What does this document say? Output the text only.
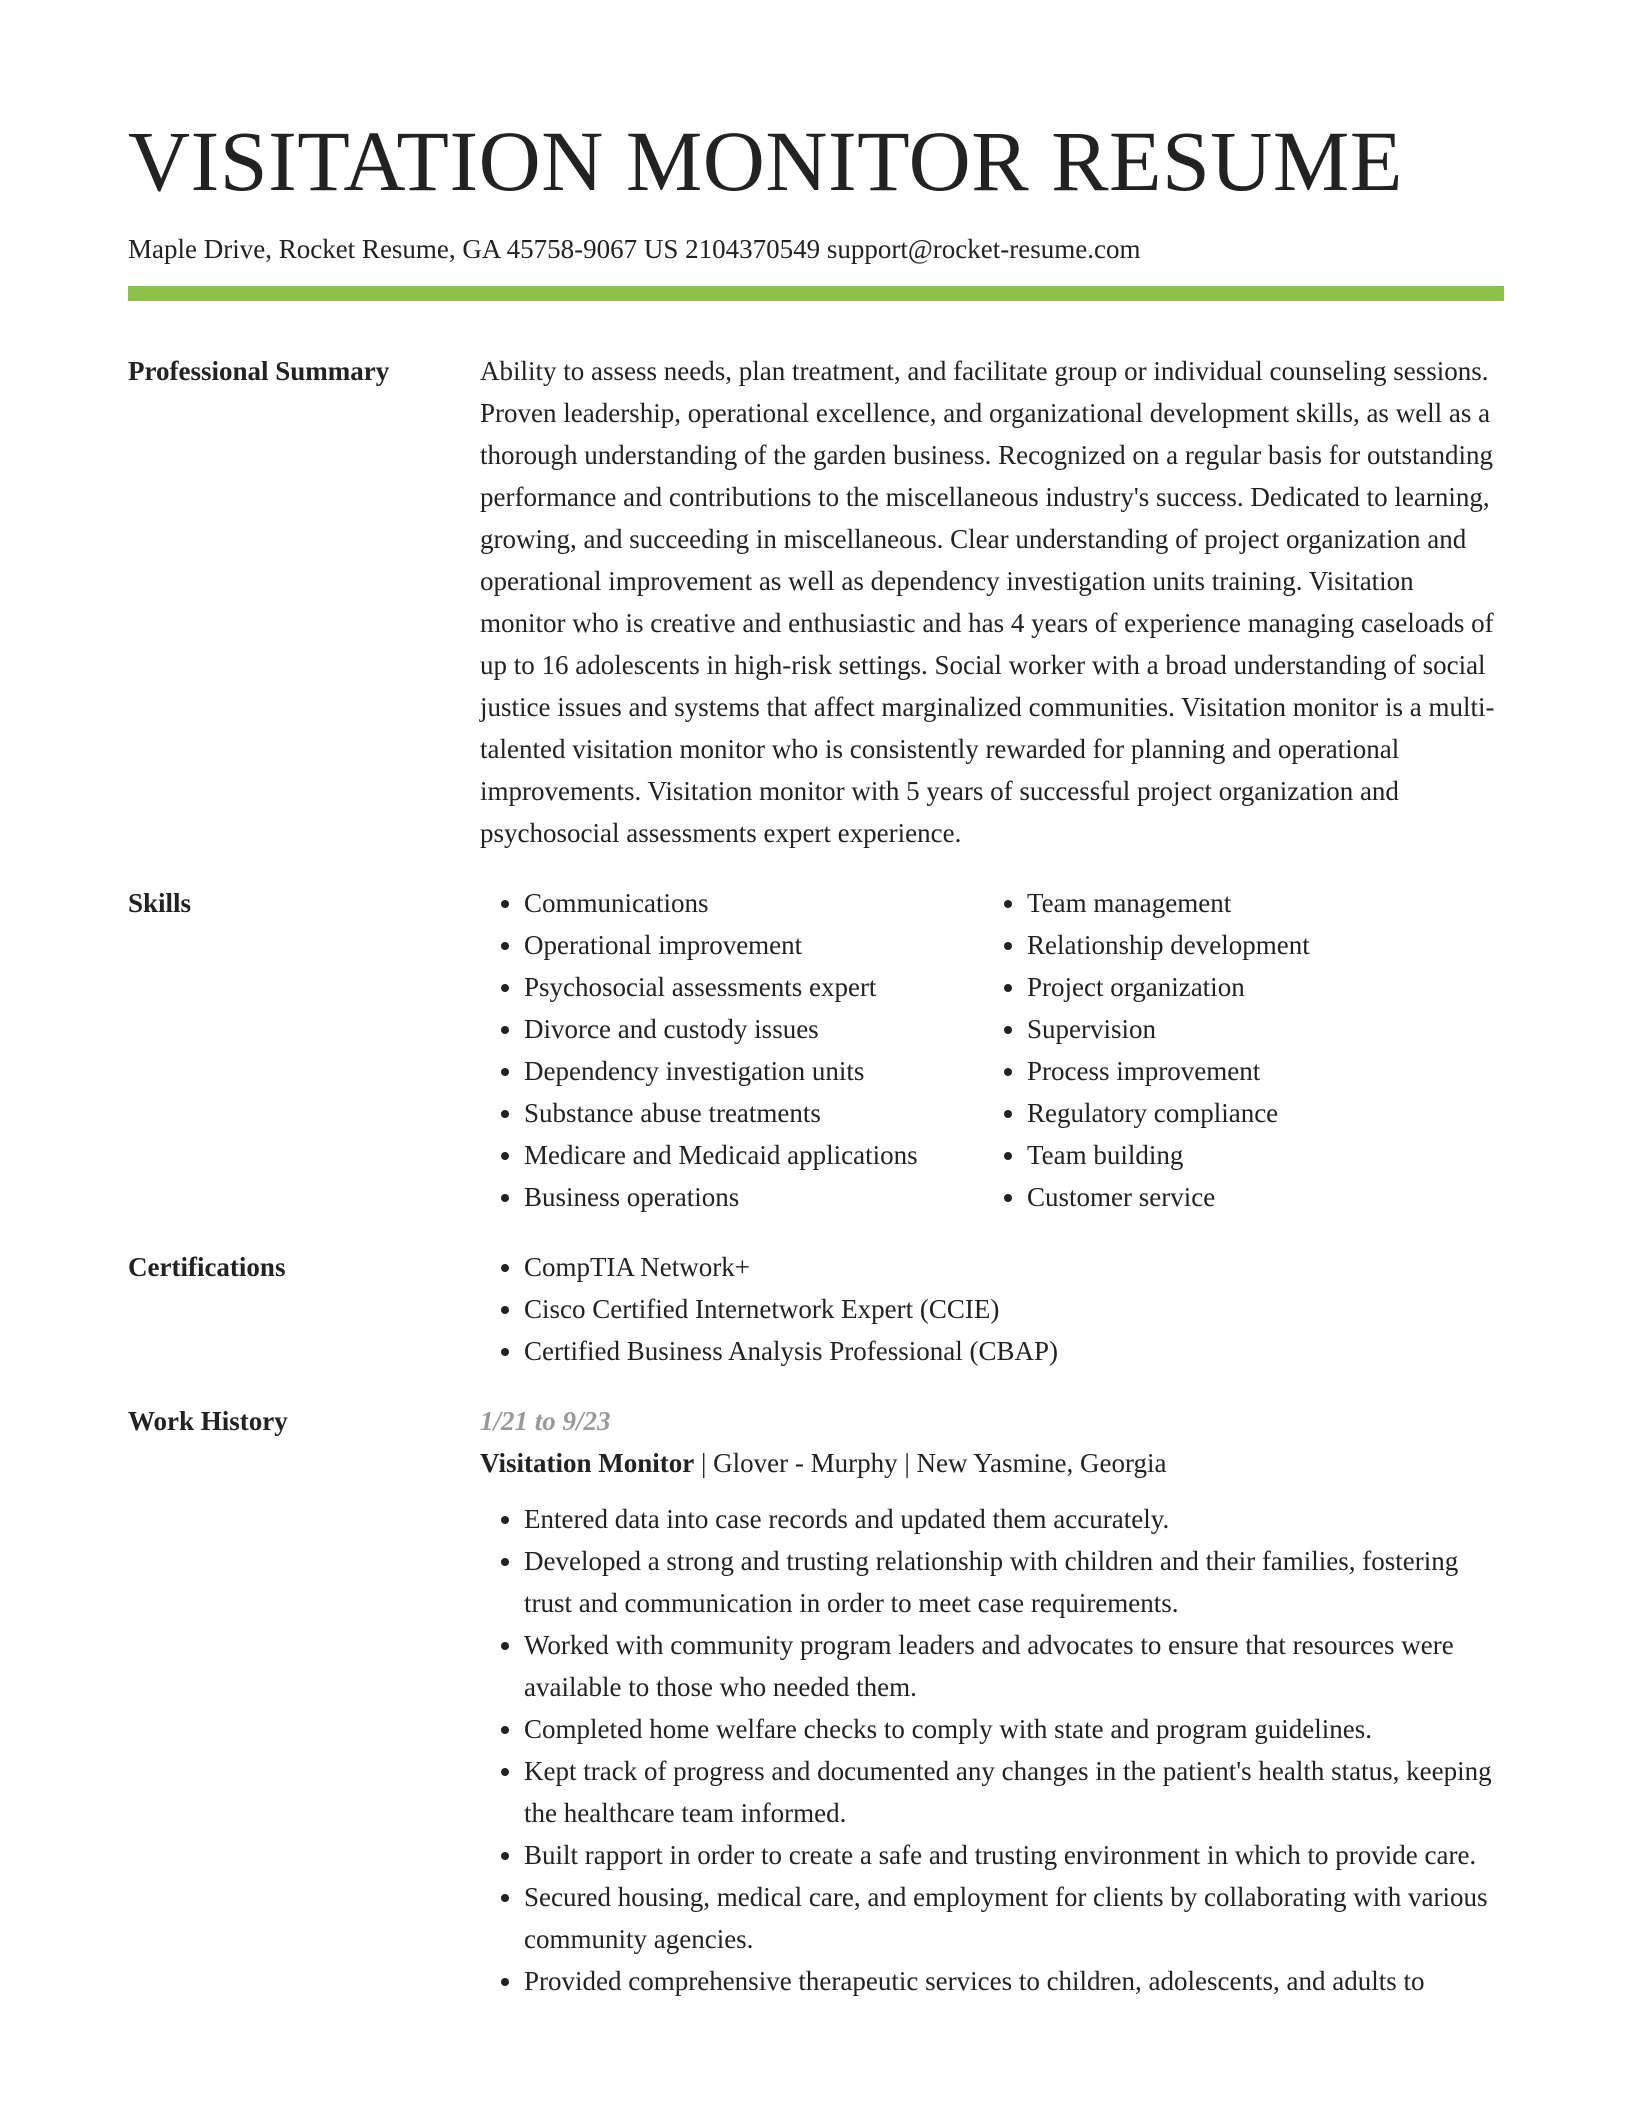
VISITATION MONITOR RESUME
Maple Drive, Rocket Resume, GA 45758-9067 US 2104370549 support@rocket-resume.com
Professional Summary	Ability to assess needs, plan treatment, and facilitate group or individual counseling sessions. Proven leadership, operational excellence, and organizational development skills, as well as a thorough understanding of the garden business. Recognized on a regular basis for outstanding performance and contributions to the miscellaneous industry's success. Dedicated to learning, growing, and succeeding in miscellaneous. Clear understanding of project organization and operational improvement as well as dependency investigation units training. Visitation monitor who is creative and enthusiastic and has 4 years of experience managing caseloads of up to 16 adolescents in high-risk settings. Social worker with a broad understanding of social justice issues and systems that affect marginalized communities. Visitation monitor is a multi-talented visitation monitor who is consistently rewarded for planning and operational improvements. Visitation monitor with 5 years of successful project organization and psychosocial assessments expert experience.

Skills	• Communications
• Operational improvement
• Psychosocial assessments expert
• Divorce and custody issues
• Dependency investigation units
• Substance abuse treatments
• Medicare and Medicaid applications
• Business operations
• Team management
• Relationship development
• Project organization
• Supervision
• Process improvement
• Regulatory compliance
• Team building
• Customer service
Certifications	• CompTIA Network+
• Cisco Certified Internetwork Expert (CCIE)
• Certified Business Analysis Professional (CBAP)
Work History	1/21 to 9/23
Visitation Monitor | Glover - Murphy | New Yasmine, Georgia
• Entered data into case records and updated them accurately.
• Developed a strong and trusting relationship with children and their families, fostering trust and communication in order to meet case requirements.
• Worked with community program leaders and advocates to ensure that resources were available to those who needed them.
• Completed home welfare checks to comply with state and program guidelines.
• Kept track of progress and documented any changes in the patient's health status, keeping the healthcare team informed.
• Built rapport in order to create a safe and trusting environment in which to provide care.
• Secured housing, medical care, and employment for clients by collaborating with various community agencies.
• Provided comprehensive therapeutic services to children, adolescents, and adults to
